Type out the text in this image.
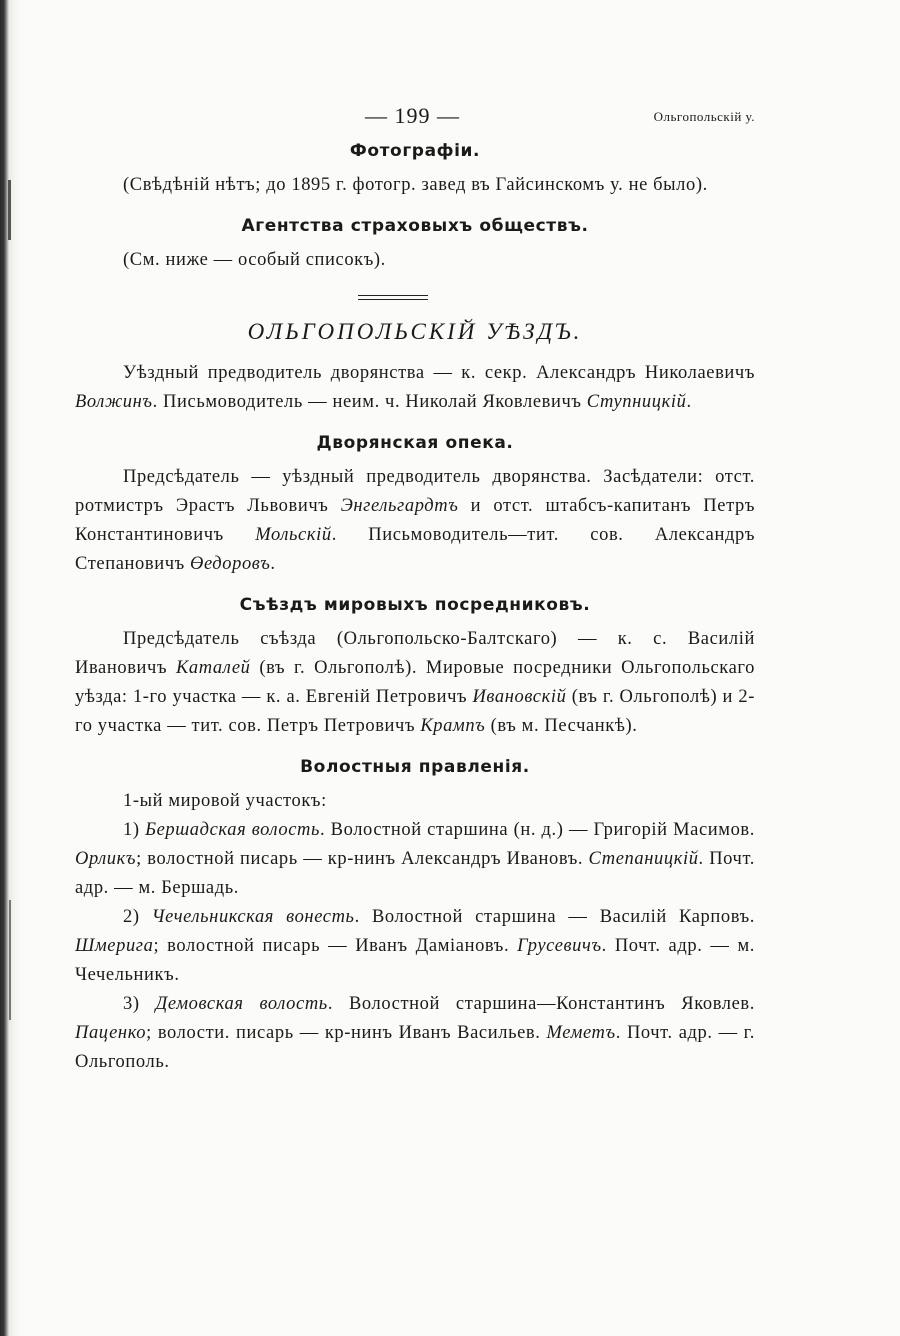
— 199 —	Ольгопольскій у.
Фотографіи.

(Свѣдѣній нѣтъ; до 1895 г. фотогр. завед въ Гайсинскомъ у. не было).

Агентства страховыхъ обществъ.

(См. ниже — особый списокъ).

ОЛЬГОПОЛЬСКІЙ УѢЗДЪ.

Уѣздный предводитель дворянства — к. секр. Александръ Николаевичъ Волжинъ. Письмоводитель — неим. ч. Николай Яковлевичъ Ступницкій.

Дворянская опека.

Предсѣдатель — уѣздный предводитель дворянства. Засѣдатели: отст. ротмистръ Эрастъ Львовичъ Энгельгардтъ и отст. штабсъ-капитанъ Петръ Константиновичъ Мольскій. Письмоводитель—тит. сов. Александръ Степановичъ Өедоровъ.

Съѣздъ мировыхъ посредниковъ.

Предсѣдатель съѣзда (Ольгопольско-Балтскаго) — к. с. Василій Ивановичъ Каталей (въ г. Ольгополѣ). Мировые посредники Ольгопольскаго уѣзда: 1-го участка — к. а. Евгеній Петровичъ Ивановскій (въ г. Ольгополѣ) и 2-го участка — тит. сов. Петръ Петровичъ Крампъ (въ м. Песчанкѣ).

Волостныя правленія.

1-ый мировой участокъ:

1) Бершадская волость. Волостной старшина (н. д.) — Григорій Масимов. Орликъ; волостной писарь — кр-нинъ Александръ Ивановъ. Степаницкій. Почт. адр. — м. Бершадь.

2) Чечельникская вонесть. Волостной старшина — Василій Карповъ. Шмерига; волостной писарь — Иванъ Даміановъ. Грусевичъ. Почт. адр. — м. Чечельникъ.

3) Демовская волость. Волостной старшина—Константинъ Яковлев. Паценко; волости. писарь — кр-нинъ Иванъ Васильев. Меметъ. Почт. адр. — г. Ольгополь.
